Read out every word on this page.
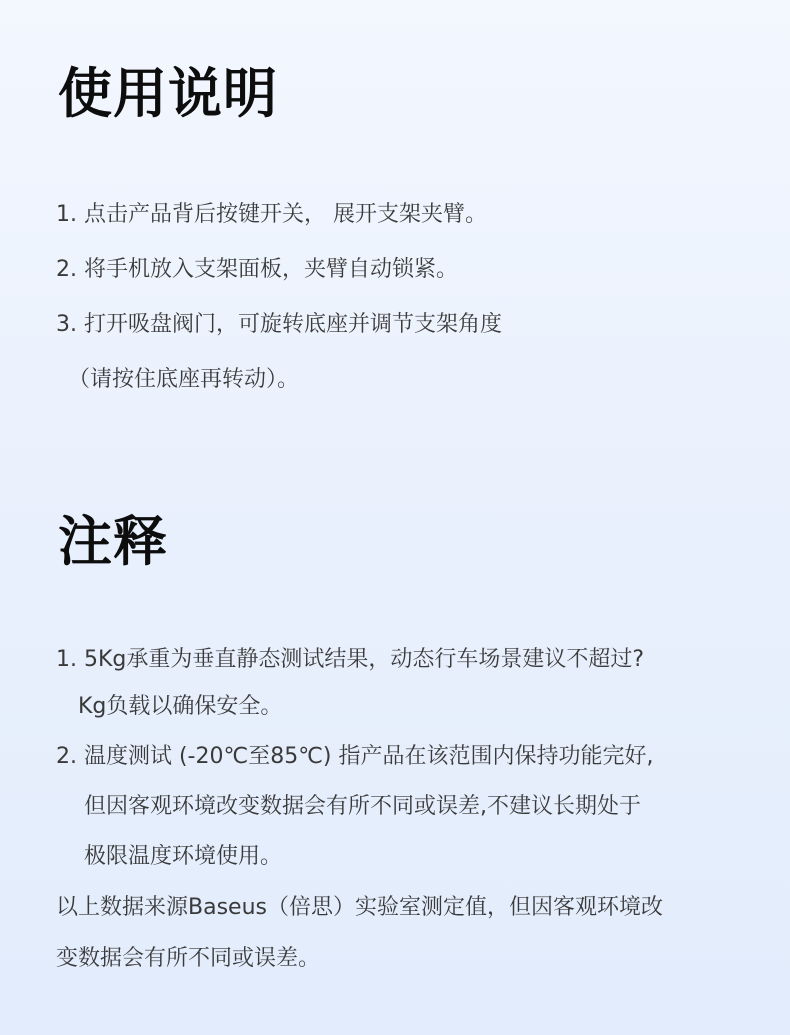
使用说明

1. 点击产品背后按键开关， 展开支架夹臂。

2. 将手机放入支架面板，夹臂自动锁紧。

3. 打开吸盘阀门，可旋转底座并调节支架角度

（请按住底座再转动）。

注释

1. 5Kg承重为垂直静态测试结果，动态行车场景建议不超过?

Kg负载以确保安全。

2. 温度测试 (-20℃至85℃) 指产品在该范围内保持功能完好,

但因客观环境改变数据会有所不同或误差,不建议长期处于

极限温度环境使用。

以上数据来源Baseus（倍思）实验室测定值，但因客观环境改

变数据会有所不同或误差。
